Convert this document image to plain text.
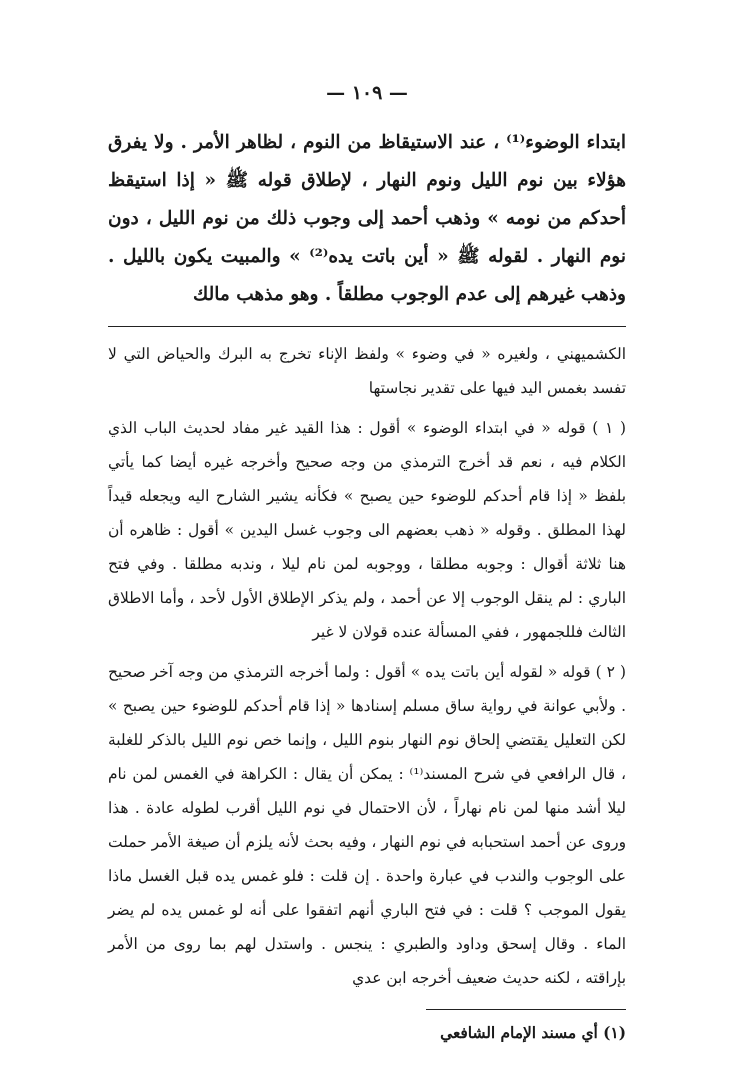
— ١٠٩ —
ابتداء الوضوء⁽¹⁾ ، عند الاستيقاظ من النوم ، لظاهر الأمر . ولا يفرق هؤلاء بين نوم الليل ونوم النهار ، لإطلاق قوله ﷺ « إذا استيقظ أحدكم من نومه » وذهب أحمد إلى وجوب ذلك من نوم الليل ، دون نوم النهار . لقوله ﷺ « أين باتت يده⁽²⁾ » والمبيت يكون بالليل . وذهب غيرهم إلى عدم الوجوب مطلقاً . وهو مذهب مالك

الكشميهني ، ولغيره « في وضوء » ولفظ الإناء تخرج به البرك والحياض التي لا تفسد بغمس اليد فيها على تقدير نجاستها

( ١ ) قوله « في ابتداء الوضوء » أقول : هذا القيد غير مفاد لحديث الباب الذي الكلام فيه ، نعم قد أخرج الترمذي من وجه صحيح وأخرجه غيره أيضا كما يأتي بلفظ « إذا قام أحدكم للوضوء حين يصبح » فكأنه يشير الشارح اليه ويجعله قيداً لهذا المطلق . وقوله « ذهب بعضهم الى وجوب غسل اليدين » أقول : ظاهره أن هنا ثلاثة أقوال : وجوبه مطلقا ، ووجوبه لمن نام ليلا ، وندبه مطلقا . وفي فتح الباري : لم ينقل الوجوب إلا عن أحمد ، ولم يذكر الإطلاق الأول لأحد ، وأما الاطلاق الثالث فللجمهور ، ففي المسألة عنده قولان لا غير

( ٢ ) قوله « لقوله أين باتت يده » أقول : ولما أخرجه الترمذي من وجه آخر صحيح . ولأبي عوانة في رواية ساق مسلم إسنادها « إذا قام أحدكم للوضوء حين يصبح » لكن التعليل يقتضي إلحاق نوم النهار بنوم الليل ، وإنما خص نوم الليل بالذكر للغلبة ، قال الرافعي في شرح المسند⁽¹⁾ : يمكن أن يقال : الكراهة في الغمس لمن نام ليلا أشد منها لمن نام نهاراً ، لأن الاحتمال في نوم الليل أقرب لطوله عادة . هذا وروى عن أحمد استحبابه في نوم النهار ، وفيه بحث لأنه يلزم أن صيغة الأمر حملت على الوجوب والندب في عبارة واحدة . إن قلت : فلو غمس يده قبل الغسل ماذا يقول الموجب ؟ قلت : في فتح الباري أنهم اتفقوا على أنه لو غمس يده لم يضر الماء . وقال إسحق وداود والطبري : ينجس . واستدل لهم بما روى من الأمر بإراقته ، لكنه حديث ضعيف أخرجه ابن عدي

(١) أي مسند الإمام الشافعي
